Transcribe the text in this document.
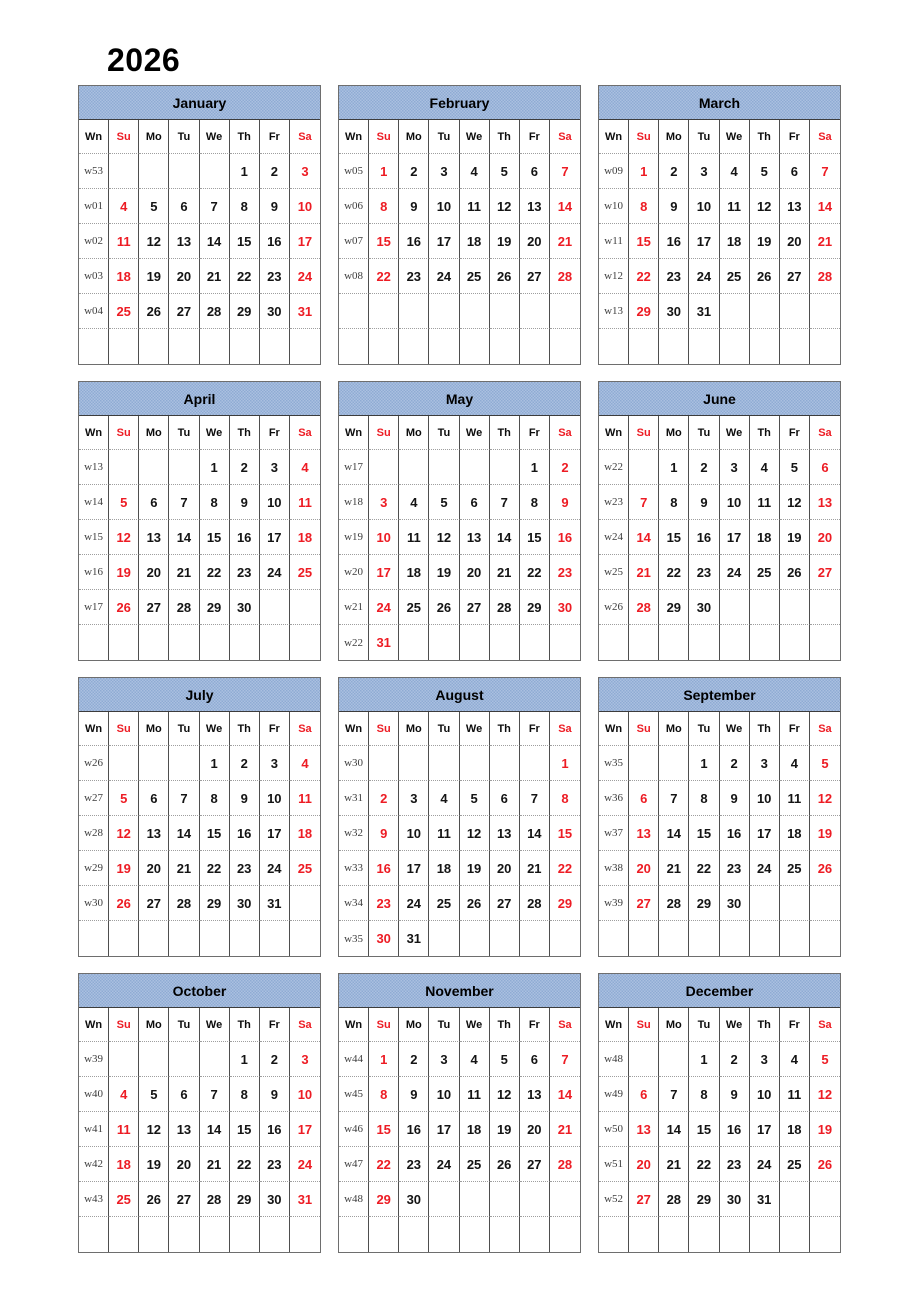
2026
January							
Wn	Su	Mo	Tu	We	Th	Fr	Sa
w53					1	2	3
w01	4	5	6	7	8	9	10
w02	11	12	13	14	15	16	17
w03	18	19	20	21	22	23	24
w04	25	26	27	28	29	30	31

February							
Wn	Su	Mo	Tu	We	Th	Fr	Sa
w05	1	2	3	4	5	6	7
w06	8	9	10	11	12	13	14
w07	15	16	17	18	19	20	21
w08	22	23	24	25	26	27	28

March							
Wn	Su	Mo	Tu	We	Th	Fr	Sa
w09	1	2	3	4	5	6	7
w10	8	9	10	11	12	13	14
w11	15	16	17	18	19	20	21
w12	22	23	24	25	26	27	28
w13	29	30	31				

April							
Wn	Su	Mo	Tu	We	Th	Fr	Sa
w13				1	2	3	4
w14	5	6	7	8	9	10	11
w15	12	13	14	15	16	17	18
w16	19	20	21	22	23	24	25
w17	26	27	28	29	30		

May							
Wn	Su	Mo	Tu	We	Th	Fr	Sa
w17						1	2
w18	3	4	5	6	7	8	9
w19	10	11	12	13	14	15	16
w20	17	18	19	20	21	22	23
w21	24	25	26	27	28	29	30
w22	31						
June							
Wn	Su	Mo	Tu	We	Th	Fr	Sa
w22		1	2	3	4	5	6
w23	7	8	9	10	11	12	13
w24	14	15	16	17	18	19	20
w25	21	22	23	24	25	26	27
w26	28	29	30				

July							
Wn	Su	Mo	Tu	We	Th	Fr	Sa
w26				1	2	3	4
w27	5	6	7	8	9	10	11
w28	12	13	14	15	16	17	18
w29	19	20	21	22	23	24	25
w30	26	27	28	29	30	31	

August							
Wn	Su	Mo	Tu	We	Th	Fr	Sa
w30							1
w31	2	3	4	5	6	7	8
w32	9	10	11	12	13	14	15
w33	16	17	18	19	20	21	22
w34	23	24	25	26	27	28	29
w35	30	31					
September							
Wn	Su	Mo	Tu	We	Th	Fr	Sa
w35			1	2	3	4	5
w36	6	7	8	9	10	11	12
w37	13	14	15	16	17	18	19
w38	20	21	22	23	24	25	26
w39	27	28	29	30			

October							
Wn	Su	Mo	Tu	We	Th	Fr	Sa
w39					1	2	3
w40	4	5	6	7	8	9	10
w41	11	12	13	14	15	16	17
w42	18	19	20	21	22	23	24
w43	25	26	27	28	29	30	31

November							
Wn	Su	Mo	Tu	We	Th	Fr	Sa
w44	1	2	3	4	5	6	7
w45	8	9	10	11	12	13	14
w46	15	16	17	18	19	20	21
w47	22	23	24	25	26	27	28
w48	29	30					

December							
Wn	Su	Mo	Tu	We	Th	Fr	Sa
w48			1	2	3	4	5
w49	6	7	8	9	10	11	12
w50	13	14	15	16	17	18	19
w51	20	21	22	23	24	25	26
w52	27	28	29	30	31		
